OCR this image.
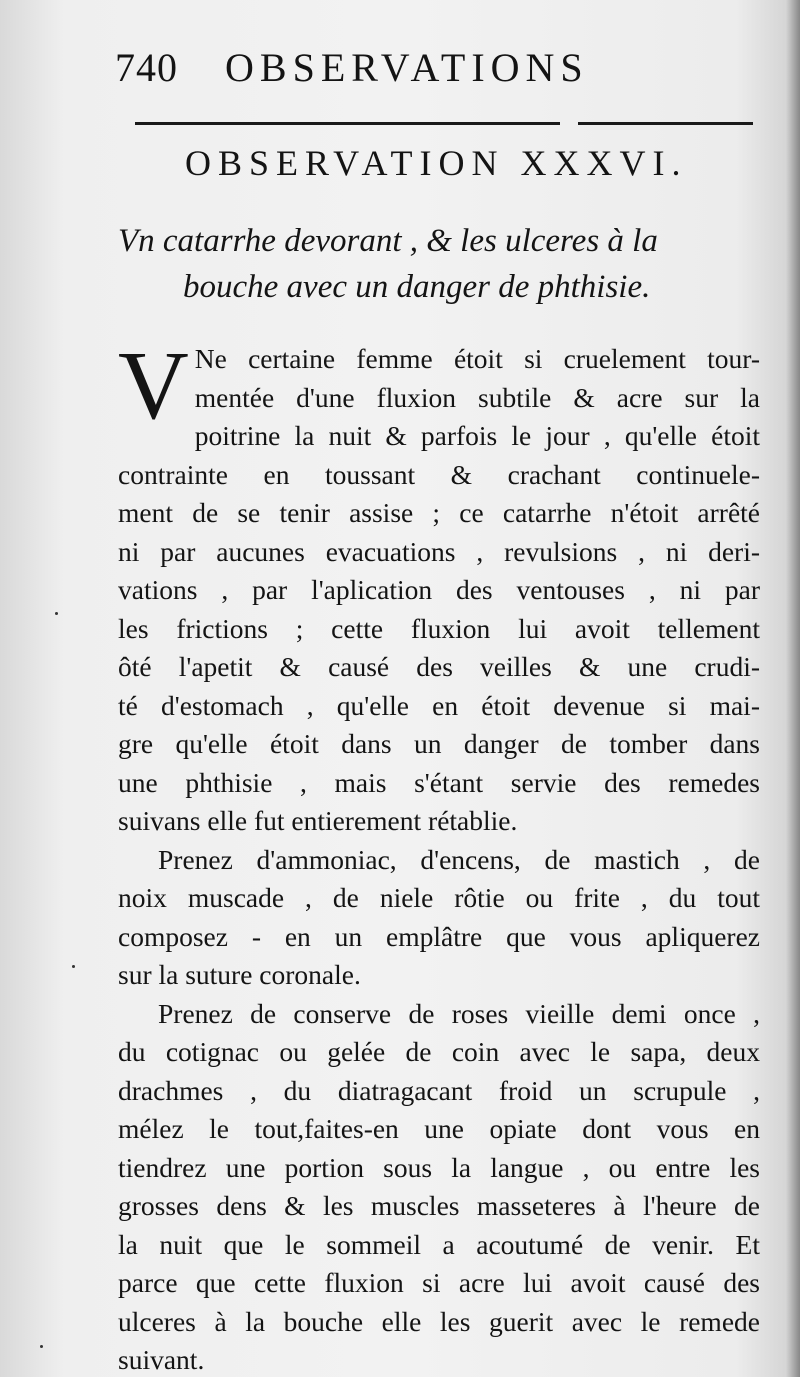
740 OBSERVATIONS
OBSERVATION XXXVI.
Vn catarrhe devorant , & les ulceres à la
bouche avec un danger de phthisie.
V Ne certaine femme étoit si cruelement tour-
mentée d'une fluxion subtile & acre sur la
poitrine la nuit & parfois le jour , qu'elle étoit
contrainte en toussant & crachant continuele-
ment de se tenir assise ; ce catarrhe n'étoit arrêté
ni par aucunes evacuations , revulsions , ni deri-
vations , par l'aplication des ventouses , ni par
les frictions ; cette fluxion lui avoit tellement
ôté l'apetit & causé des veilles & une crudi-
té d'estomach , qu'elle en étoit devenue si mai-
gre qu'elle étoit dans un danger de tomber dans
une phthisie , mais s'étant servie des remedes
suivans elle fut entierement rétablie.
Prenez d'ammoniac, d'encens, de mastich , de
noix muscade , de niele rôtie ou frite , du tout
composez - en un emplâtre que vous apliquerez
sur la suture coronale.
Prenez de conserve de roses vieille demi once ,
du cotignac ou gelée de coin avec le sapa, deux
drachmes , du diatragacant froid un scrupule ,
mélez le tout,faites-en une opiate dont vous en
tiendrez une portion sous la langue , ou entre les
grosses dens & les muscles masseteres à l'heure de
la nuit que le sommeil a acoutumé de venir. Et
parce que cette fluxion si acre lui avoit causé des
ulceres à la bouche elle les guerit avec le remede
suivant.
